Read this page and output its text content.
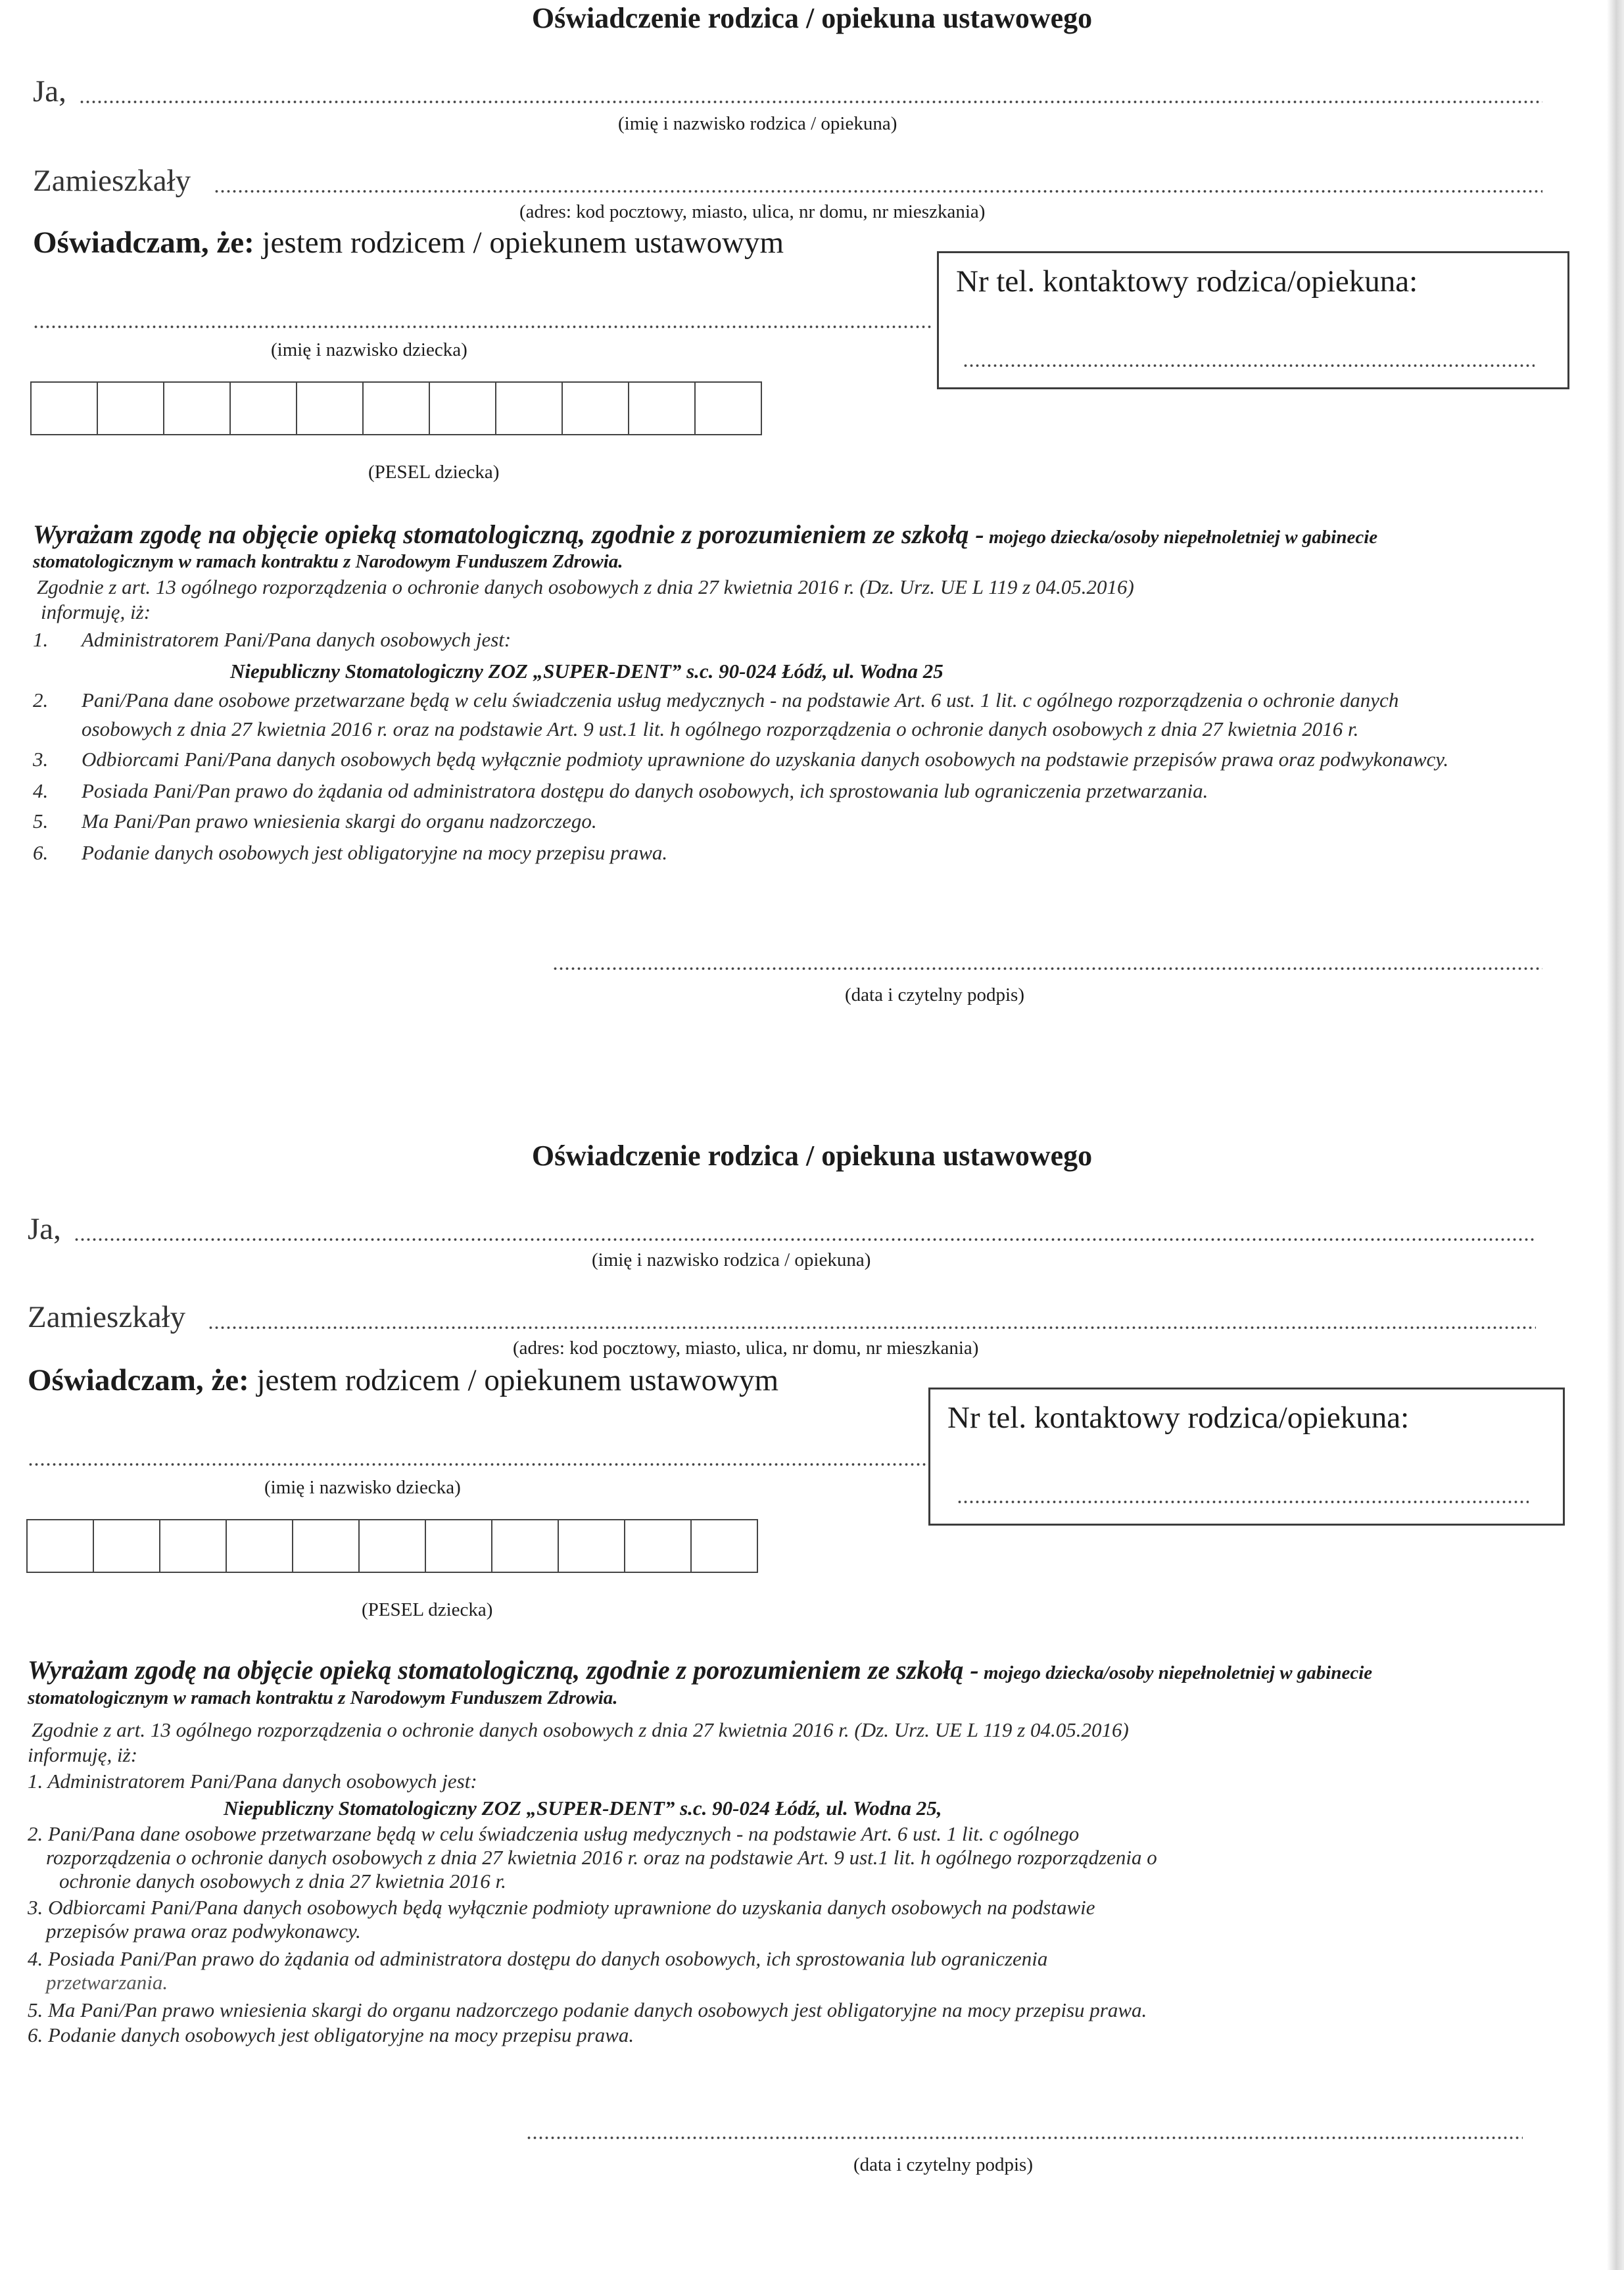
Oświadczenie rodzica / opiekuna ustawowego
Ja,
(imię i nazwisko rodzica / opiekuna)
Zamieszkały
(adres: kod pocztowy, miasto, ulica, nr domu, nr mieszkania)
Oświadczam, że: jestem rodzicem / opiekunem ustawowym
(imię i nazwisko dziecka)
Nr tel. kontaktowy rodzica/opiekuna:
(PESEL dziecka)
Wyrażam zgodę na objęcie opieką stomatologiczną, zgodnie z porozumieniem ze szkołą - mojego dziecka/osoby niepełnoletniej w gabinecie
stomatologicznym w ramach kontraktu z Narodowym Funduszem Zdrowia.
Zgodnie z art. 13 ogólnego rozporządzenia o ochronie danych osobowych z dnia 27 kwietnia 2016 r. (Dz. Urz. UE L 119 z 04.05.2016)
informuję, iż:
1. Administratorem Pani/Pana danych osobowych jest:
Niepubliczny Stomatologiczny ZOZ „SUPER-DENT” s.c. 90-024 Łódź, ul. Wodna 25
2. Pani/Pana dane osobowe przetwarzane będą w celu świadczenia usług medycznych - na podstawie Art. 6 ust. 1 lit. c ogólnego rozporządzenia o ochronie danych
osobowych z dnia 27 kwietnia 2016 r. oraz na podstawie Art. 9 ust.1 lit. h ogólnego rozporządzenia o ochronie danych osobowych z dnia 27 kwietnia 2016 r.
3. Odbiorcami Pani/Pana danych osobowych będą wyłącznie podmioty uprawnione do uzyskania danych osobowych na podstawie przepisów prawa oraz podwykonawcy.
4. Posiada Pani/Pan prawo do żądania od administratora dostępu do danych osobowych, ich sprostowania lub ograniczenia przetwarzania.
5. Ma Pani/Pan prawo wniesienia skargi do organu nadzorczego.
6. Podanie danych osobowych jest obligatoryjne na mocy przepisu prawa.
(data i czytelny podpis)
Oświadczenie rodzica / opiekuna ustawowego
Ja,
(imię i nazwisko rodzica / opiekuna)
Zamieszkały
(adres: kod pocztowy, miasto, ulica, nr domu, nr mieszkania)
Oświadczam, że: jestem rodzicem / opiekunem ustawowym
(imię i nazwisko dziecka)
Nr tel. kontaktowy rodzica/opiekuna:
(PESEL dziecka)
Wyrażam zgodę na objęcie opieką stomatologiczną, zgodnie z porozumieniem ze szkołą - mojego dziecka/osoby niepełnoletniej w gabinecie
stomatologicznym w ramach kontraktu z Narodowym Funduszem Zdrowia.
Zgodnie z art. 13 ogólnego rozporządzenia o ochronie danych osobowych z dnia 27 kwietnia 2016 r. (Dz. Urz. UE L 119 z 04.05.2016)
informuję, iż:
1. Administratorem Pani/Pana danych osobowych jest:
Niepubliczny Stomatologiczny ZOZ „SUPER-DENT” s.c. 90-024 Łódź, ul. Wodna 25,
2. Pani/Pana dane osobowe przetwarzane będą w celu świadczenia usług medycznych - na podstawie Art. 6 ust. 1 lit. c ogólnego
rozporządzenia o ochronie danych osobowych z dnia 27 kwietnia 2016 r. oraz na podstawie Art. 9 ust.1 lit. h ogólnego rozporządzenia o
ochronie danych osobowych z dnia 27 kwietnia 2016 r.
3. Odbiorcami Pani/Pana danych osobowych będą wyłącznie podmioty uprawnione do uzyskania danych osobowych na podstawie
przepisów prawa oraz podwykonawcy.
4. Posiada Pani/Pan prawo do żądania od administratora dostępu do danych osobowych, ich sprostowania lub ograniczenia
przetwarzania.
5. Ma Pani/Pan prawo wniesienia skargi do organu nadzorczego podanie danych osobowych jest obligatoryjne na mocy przepisu prawa.
6. Podanie danych osobowych jest obligatoryjne na mocy przepisu prawa.
(data i czytelny podpis)
